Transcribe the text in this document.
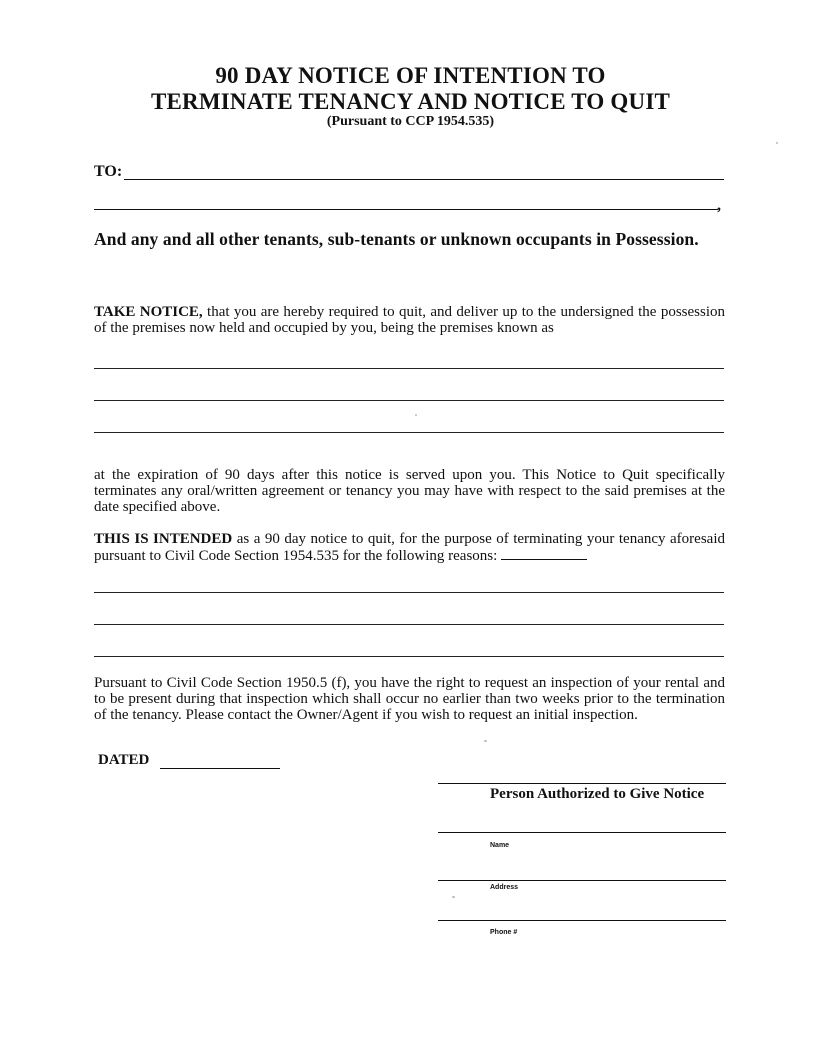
90 DAY NOTICE OF INTENTION TO
TERMINATE TENANCY AND NOTICE TO QUIT
(Pursuant to CCP 1954.535)
TO:
,
And any and all other tenants, sub-tenants or unknown occupants in Possession.
TAKE NOTICE, that you are hereby required to quit, and deliver up to the undersigned the possession of the premises now held and occupied by you, being the premises known as
at the expiration of 90 days after this notice is served upon you. This Notice to Quit specifically terminates any oral/written agreement or tenancy you may have with respect to the said premises at the date specified above.
THIS IS INTENDED as a 90 day notice to quit, for the purpose of terminating your tenancy aforesaid pursuant to Civil Code Section 1954.535 for the following reasons:
Pursuant to Civil Code Section 1950.5 (f), you have the right to request an inspection of your rental and to be present during that inspection which shall occur no earlier than two weeks prior to the termination of the tenancy. Please contact the Owner/Agent if you wish to request an initial inspection.
DATED
Person Authorized to Give Notice
Name
Address
Phone #
